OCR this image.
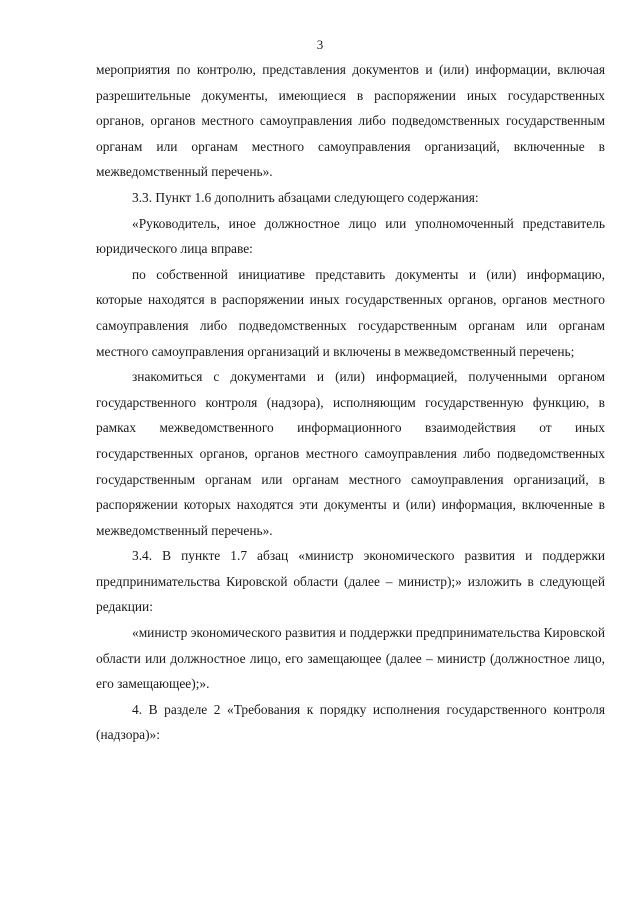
3

мероприятия по контролю, представления документов и (или) информации, включая разрешительные документы, имеющиеся в распоряжении иных государственных органов, органов местного самоуправления либо подведомственных государственным органам или органам местного самоуправления организаций, включенные в межведомственный перечень».

3.3. Пункт 1.6 дополнить абзацами следующего содержания:

«Руководитель, иное должностное лицо или уполномоченный представитель юридического лица вправе:

по собственной инициативе представить документы и (или) информацию, которые находятся в распоряжении иных государственных органов, органов местного самоуправления либо подведомственных государственным органам или органам местного самоуправления организаций и включены в межведомственный перечень;

знакомиться с документами и (или) информацией, полученными органом государственного контроля (надзора), исполняющим государственную функцию, в рамках межведомственного информационного взаимодействия от иных государственных органов, органов местного самоуправления либо подведомственных государственным органам или органам местного самоуправления организаций, в распоряжении которых находятся эти документы и (или) информация, включенные в межведомственный перечень».

3.4. В пункте 1.7 абзац «министр экономического развития и поддержки предпринимательства Кировской области (далее – министр);» изложить в следующей редакции:

«министр экономического развития и поддержки предпринимательства Кировской области или должностное лицо, его замещающее (далее – министр (должностное лицо, его замещающее);».

4. В разделе 2 «Требования к порядку исполнения государственного контроля (надзора)»:
